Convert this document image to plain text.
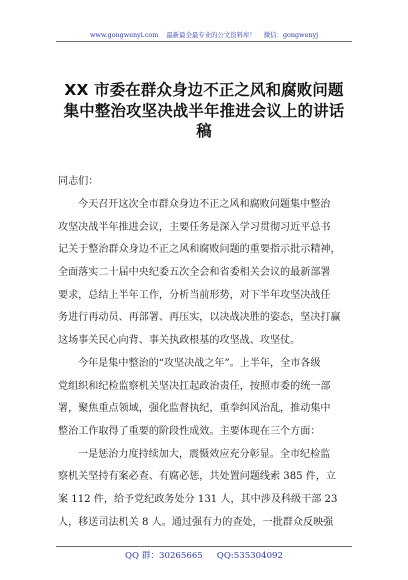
www.gongwenyi.com 最新最全最专业的公文资料库！ 微信：gongwenyj
XX 市委在群众身边不正之风和腐败问题
集中整治攻坚决战半年推进会议上的讲话
稿
同志们：
今天召开这次全市群众身边不正之风和腐败问题集中整治
攻坚决战半年推进会议，主要任务是深入学习贯彻习近平总书
记关于整治群众身边不正之风和腐败问题的重要指示批示精神，
全面落实二十届中央纪委五次全会和省委相关会议的最新部署
要求，总结上半年工作，分析当前形势，对下半年攻坚决战任
务进行再动员、再部署、再压实，以决战决胜的姿态，坚决打赢
这场事关民心向背、事关执政根基的攻坚战、攻坚仗。
今年是集中整治的“攻坚决战之年”。上半年，全市各级
党组织和纪检监察机关坚决扛起政治责任，按照市委的统一部
署，聚焦重点领域，强化监督执纪，重拳纠风治乱，推动集中
整治工作取得了重要的阶段性成效。主要体现在三个方面：
一是惩治力度持续加大，震慑效应充分彰显。全市纪检监
察机关坚持有案必查、有腐必惩，共处置问题线索 385 件，立
案 112 件，给予党纪政务处分 131 人，其中涉及科级干部 23
人，移送司法机关 8 人。通过强有力的查处，一批群众反映强
QQ 群：30265665 QQ:535304092
